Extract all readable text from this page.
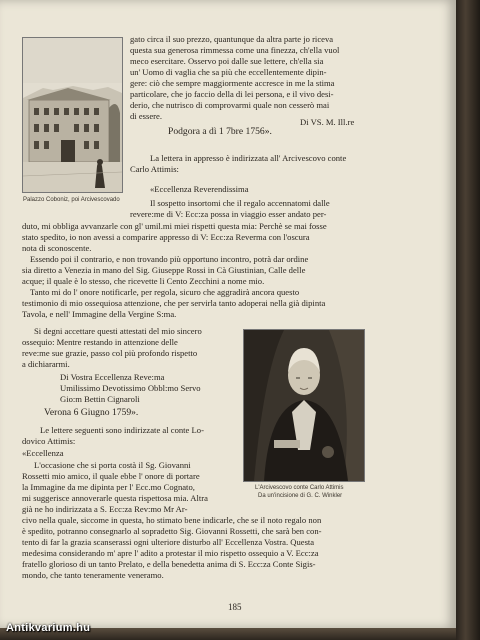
Palazzo Coboniz, poi Arcivescovado
gato circa il suo prezzo, quantunque da altra parte jo riceva
questa sua generosa rimmessa come una finezza, ch'ella vuol
meco esercitare. Osservo poi dalle sue lettere, ch'ella sia
un' Uomo di vaglia che sa più che eccellentemente dipin-
gere: ciò che sempre maggiormente accresce in me la stima
particolare, che jo faccio della di lei persona, e il vivo desi-
derio, che nutrisco di comprovarmi quale non cesserò mai
di essere.
Di VS. M. Ill.re
Podgora a dì 1 7bre 1756».
La lettera in appresso è indirizzata all' Arcivescovo conte
Carlo Attimis:
«Eccellenza Reverendissima
Il sospetto insortomi che il regalo accennatomi dalle
revere:me di V: Ecc:za possa in viaggio esser andato per-
duto, mi obbliga avvanzarle con gl' umil.mi miei rispetti questa mia: Perchè se mai fosse
stato spedito, io non avessi a comparire appresso di V: Ecc:za Reverma con l'oscura
nota di sconoscente.
Essendo poi il contrario, e non trovando più opportuno incontro, potrà dar ordine
sia diretto a Venezia in mano del Sig. Giuseppe Rossi in Cà Giustinian, Calle delle
acque; il quale è lo stesso, che ricevette li Cento Zecchini a nome mio.
Tanto mi do l' onore notificarle, per regola, sicuro che aggradirà ancora questo
testimonio di mio ossequiosa attenzione, che per servirla tanto adoperai nella già dipinta
Tavola, e nell' Immagine della Vergine S:ma.
Si degni accettare questi attestati del mio sincero
ossequio: Mentre restando in attenzione delle
reve:me sue grazie, passo col più profondo rispetto
a dichiararmi.
Di Vostra Eccellenza Reve:ma
Umilissimo Devotissimo Obbl:mo Servo
Gio:m Bettin Cignaroli
Verona 6 Giugno 1759».
Le lettere seguenti sono indirizzate al conte Lo-
dovico Attimis:
«Eccellenza
L'occasione che si porta costà il Sg. Giovanni
Rossetti mio amico, il quale ebbe l' onore di portare
la Immagine da me dipinta per l' Ecc.mo Cognato,
mi suggerisce annoverarle questa rispettosa mia. Altra
già ne ho indirizzata a S. Ecc:za Rev:mo Mr Ar-
civo nella quale, siccome in questa, ho stimato bene indicarle, che se il noto regalo non
è spedito, potranno consegnarlo al sopradetto Sig. Giovanni Rossetti, che sarà ben con-
tento di far la grazia scanserassi ogni ulteriore disturbo all' Eccellenza Vostra. Questa
medesima considerando m' apre l' adito a protestar il mio rispetto ossequio a V. Ecc:za
fratello glorioso di un tanto Prelato, e della benedetta anima di S. Ecc:za Conte Sigis-
mondo, che tanto teneramente veneramo.
L'Arcivescovo conte Carlo Attimis
Da un'incisione di G. C. Winkler
185
Antikvarium.hu
